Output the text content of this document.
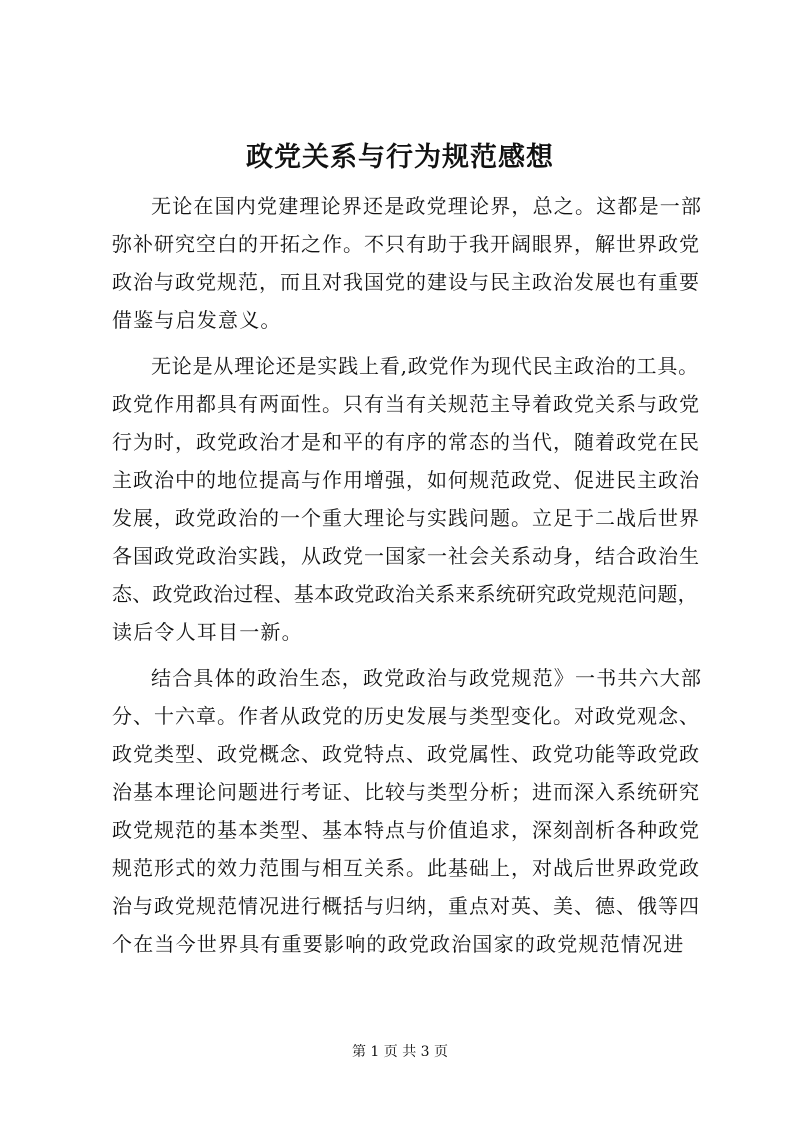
政党关系与行为规范感想

无论在国内党建理论界还是政党理论界，总之。这都是一部
弥补研究空白的开拓之作。不只有助于我开阔眼界，解世界政党
政治与政党规范，而且对我国党的建设与民主政治发展也有重要
借鉴与启发意义。

无论是从理论还是实践上看,政党作为现代民主政治的工具。
政党作用都具有两面性。只有当有关规范主导着政党关系与政党
行为时，政党政治才是和平的有序的常态的当代，随着政党在民
主政治中的地位提高与作用增强，如何规范政党、促进民主政治
发展，政党政治的一个重大理论与实践问题。立足于二战后世界
各国政党政治实践，从政党一国家一社会关系动身，结合政治生
态、政党政治过程、基本政党政治关系来系统研究政党规范问题，
读后令人耳目一新。

结合具体的政治生态，政党政治与政党规范》一书共六大部
分、十六章。作者从政党的历史发展与类型变化。对政党观念、
政党类型、政党概念、政党特点、政党属性、政党功能等政党政
治基本理论问题进行考证、比较与类型分析；进而深入系统研究
政党规范的基本类型、基本特点与价值追求，深刻剖析各种政党
规范形式的效力范围与相互关系。此基础上，对战后世界政党政
治与政党规范情况进行概括与归纳，重点对英、美、德、俄等四
个在当今世界具有重要影响的政党政治国家的政党规范情况进

第 1 页 共 3 页
